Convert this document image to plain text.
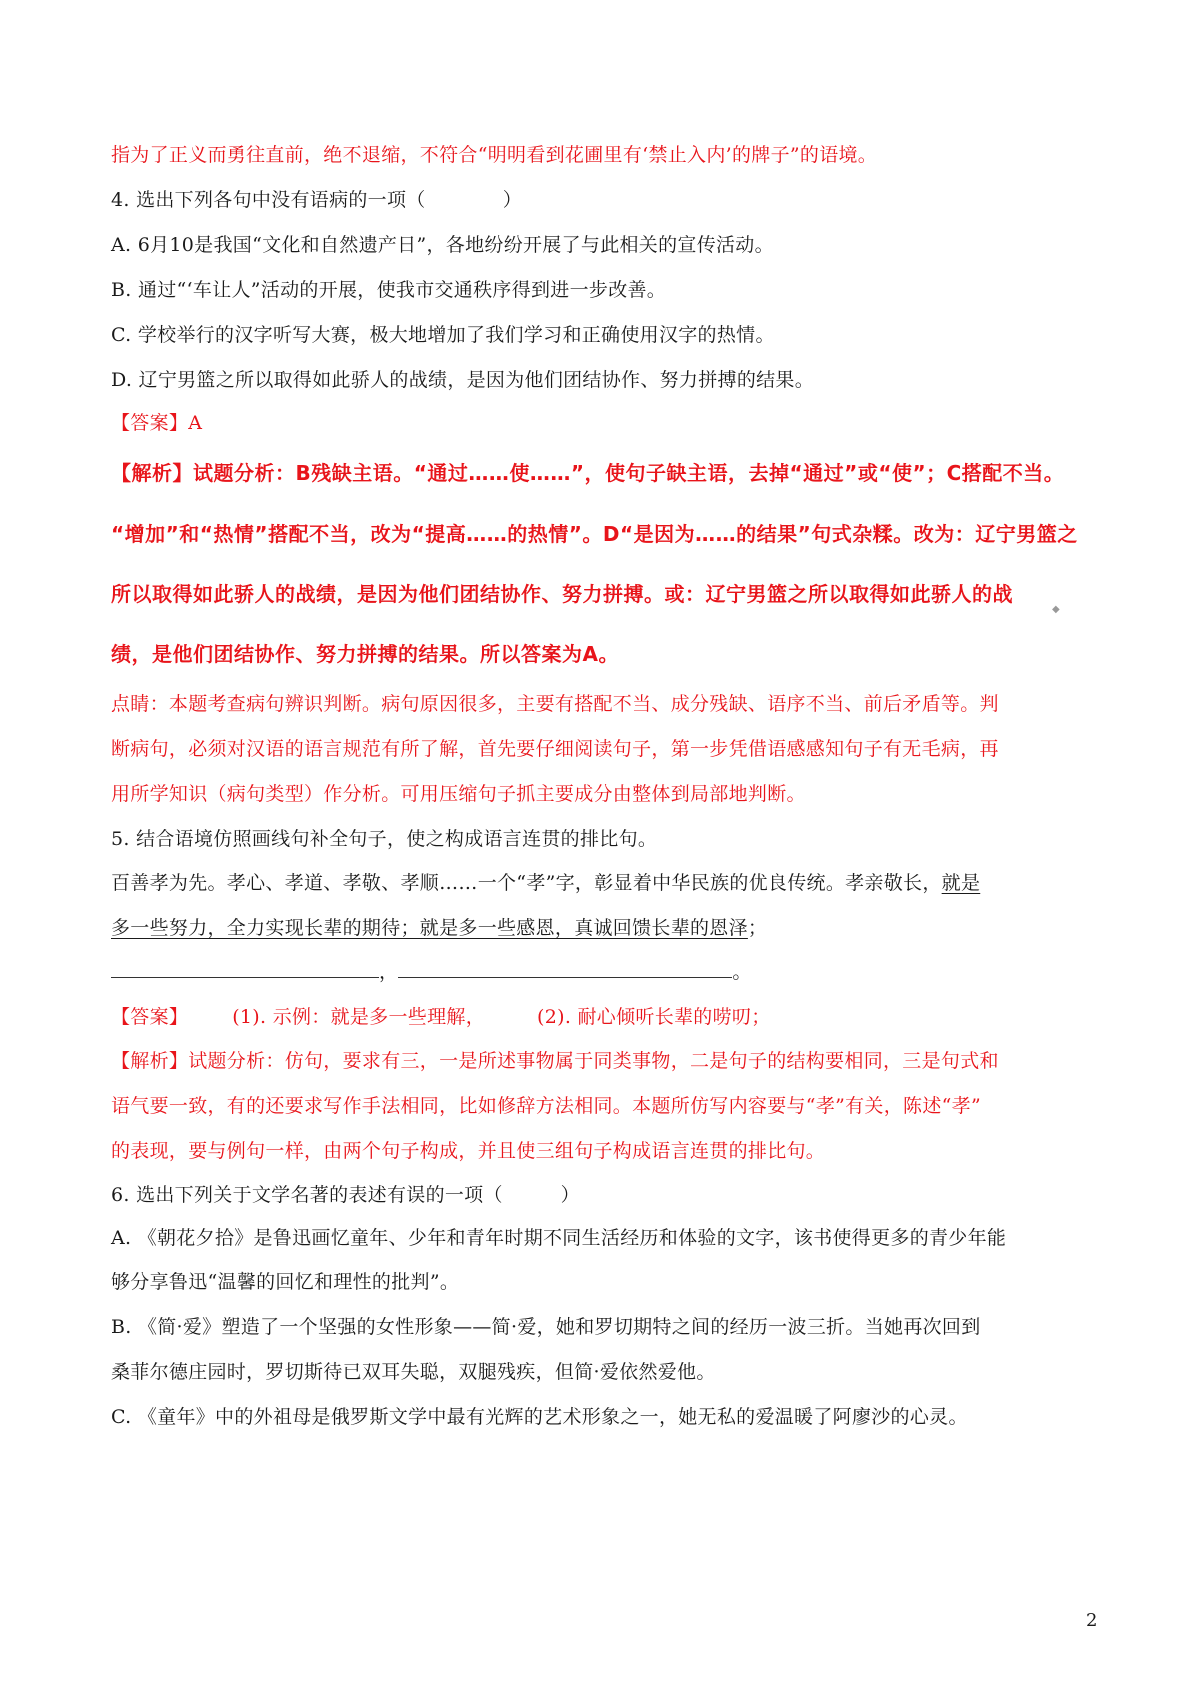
指为了正义而勇往直前，绝不退缩，不符合“明明看到花圃里有‘禁止入内’的牌子”的语境。
4. 选出下列各句中没有语病的一项（　　　　）
A. 6月10是我国“文化和自然遗产日”，各地纷纷开展了与此相关的宣传活动。
B. 通过“‘车让人”活动的开展，使我市交通秩序得到进一步改善。
C. 学校举行的汉字听写大赛，极大地增加了我们学习和正确使用汉字的热情。
D. 辽宁男篮之所以取得如此骄人的战绩，是因为他们团结协作、努力拼搏的结果。
【答案】A
【解析】试题分析：B残缺主语。“通过……使……”，使句子缺主语，去掉“通过”或“使”；C搭配不当。
“增加”和“热情”搭配不当，改为“提高……的热情”。D“是因为……的结果”句式杂糅。改为：辽宁男篮之
所以取得如此骄人的战绩，是因为他们团结协作、努力拼搏。或：辽宁男篮之所以取得如此骄人的战
绩，是他们团结协作、努力拼搏的结果。所以答案为A。
◆
点睛：本题考查病句辨识判断。病句原因很多，主要有搭配不当、成分残缺、语序不当、前后矛盾等。判
断病句，必须对汉语的语言规范有所了解，首先要仔细阅读句子，第一步凭借语感感知句子有无毛病，再
用所学知识（病句类型）作分析。可用压缩句子抓主要成分由整体到局部地判断。
5. 结合语境仿照画线句补全句子，使之构成语言连贯的排比句。
百善孝为先。孝心、孝道、孝敬、孝顺……一个“孝”字，彰显着中华民族的优良传统。孝亲敬长，就是
多一些努力，全力实现长辈的期待；就是多一些感恩，真诚回馈长辈的恩泽；
，	。
【答案】 (1). 示例：就是多一些理解，	(2). 耐心倾听长辈的唠叨；
【解析】试题分析：仿句，要求有三，一是所述事物属于同类事物，二是句子的结构要相同，三是句式和
语气要一致，有的还要求写作手法相同，比如修辞方法相同。本题所仿写内容要与“孝”有关，陈述“孝”
的表现，要与例句一样，由两个句子构成，并且使三组句子构成语言连贯的排比句。
6. 选出下列关于文学名著的表述有误的一项（　　　）
A. 《朝花夕拾》是鲁迅画忆童年、少年和青年时期不同生活经历和体验的文字，该书使得更多的青少年能
够分享鲁迅“温馨的回忆和理性的批判”。
B. 《简·爱》塑造了一个坚强的女性形象——简·爱，她和罗切期特之间的经历一波三折。当她再次回到
桑菲尔德庄园时，罗切斯待已双耳失聪，双腿残疾，但简·爱依然爱他。
C. 《童年》中的外祖母是俄罗斯文学中最有光辉的艺术形象之一，她无私的爱温暖了阿廖沙的心灵。
2
